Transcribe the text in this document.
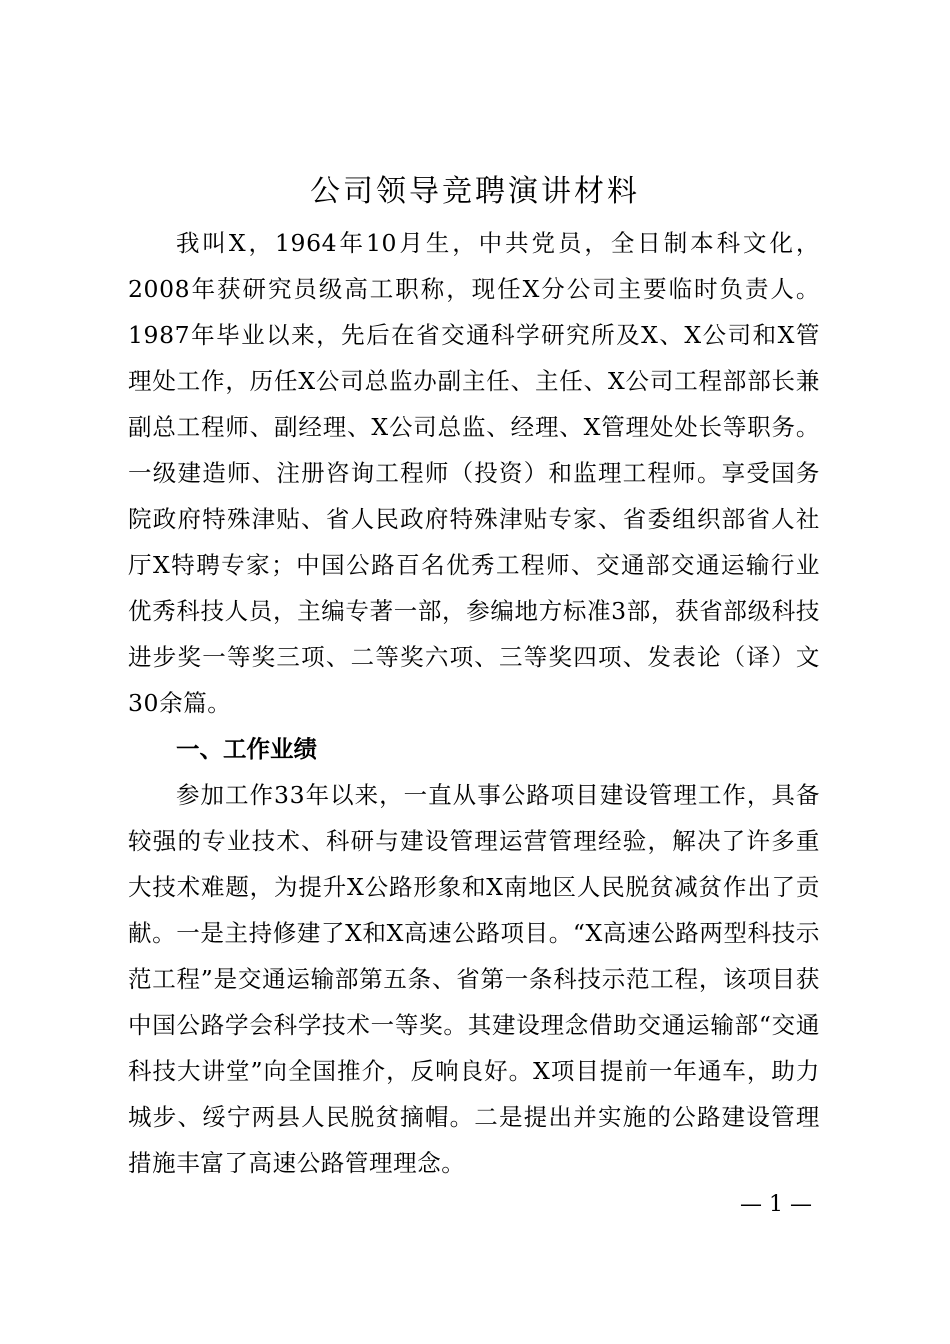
公司领导竞聘演讲材料

我叫X，1964年10月生，中共党员，全日制本科文化，2008年获研究员级高工职称，现任X分公司主要临时负责人。1987年毕业以来，先后在省交通科学研究所及X、X公司和X管理处工作，历任X公司总监办副主任、主任、X公司工程部部长兼副总工程师、副经理、X公司总监、经理、X管理处处长等职务。一级建造师、注册咨询工程师（投资）和监理工程师。享受国务院政府特殊津贴、省人民政府特殊津贴专家、省委组织部省人社厅X特聘专家；中国公路百名优秀工程师、交通部交通运输行业优秀科技人员，主编专著一部，参编地方标准3部，获省部级科技进步奖一等奖三项、二等奖六项、三等奖四项、发表论（译）文30余篇。

一、工作业绩

参加工作33年以来，一直从事公路项目建设管理工作，具备较强的专业技术、科研与建设管理运营管理经验，解决了许多重大技术难题，为提升X公路形象和X南地区人民脱贫减贫作出了贡献。一是主持修建了X和X高速公路项目。“X高速公路两型科技示范工程”是交通运输部第五条、省第一条科技示范工程，该项目获中国公路学会科学技术一等奖。其建设理念借助交通运输部“交通科技大讲堂”向全国推介，反响良好。X项目提前一年通车，助力城步、绥宁两县人民脱贫摘帽。二是提出并实施的公路建设管理措施丰富了高速公路管理理念。

— 1 —
